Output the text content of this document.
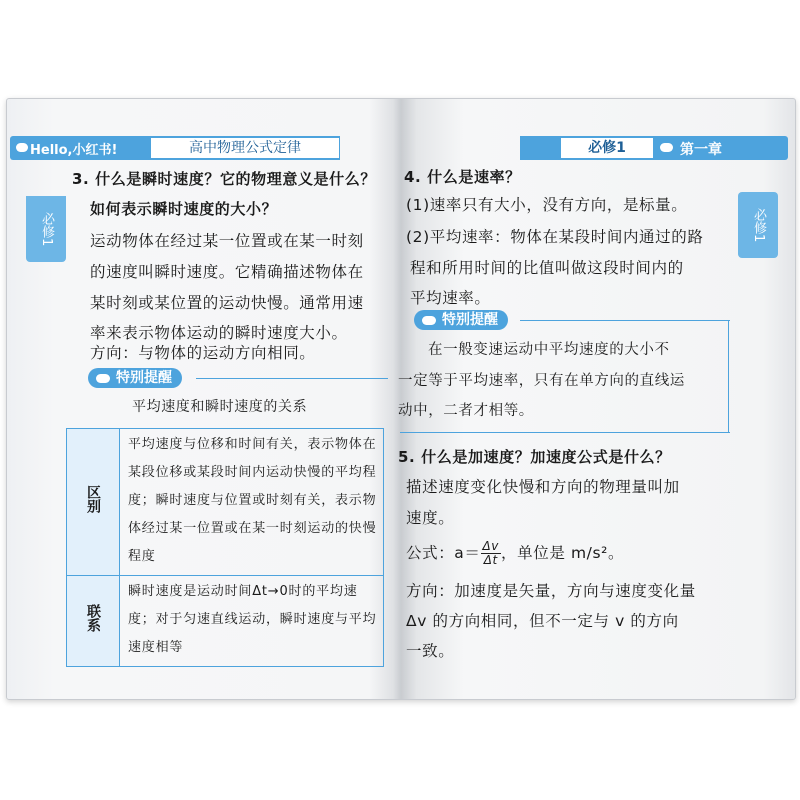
Hello,小红书!	高中物理公式定律	必修1	第一章
必修1	必修1
3. 什么是瞬时速度？它的物理意义是什么？
如何表示瞬时速度的大小？
运动物体在经过某一位置或在某一时刻
的速度叫瞬时速度。它精确描述物体在
某时刻或某位置的运动快慢。通常用速
率来表示物体运动的瞬时速度大小。
方向：与物体的运动方向相同。
特别提醒
平均速度和瞬时速度的关系
区别	平均速度与位移和时间有关，表示物体在某段位移或某段时间内运动快慢的平均程度；瞬时速度与位置或时刻有关，表示物体经过某一位置或在某一时刻运动的快慢程度
联系	瞬时速度是运动时间Δt→0时的平均速度；对于匀速直线运动，瞬时速度与平均速度相等
4. 什么是速率？
(1)速率只有大小，没有方向，是标量。
(2)平均速率：物体在某段时间内通过的路
程和所用时间的比值叫做这段时间内的
平均速率。
特别提醒
在一般变速运动中平均速度的大小不
一定等于平均速率，只有在单方向的直线运
动中，二者才相等。
5. 什么是加速度？加速度公式是什么？
描述速度变化快慢和方向的物理量叫加
速度。
公式：$a= \frac{\Delta v}{\Delta t}$ ，单位是 m/s²。
方向：加速度是矢量，方向与速度变化量
Δv 的方向相同，但不一定与 v 的方向
一致。
